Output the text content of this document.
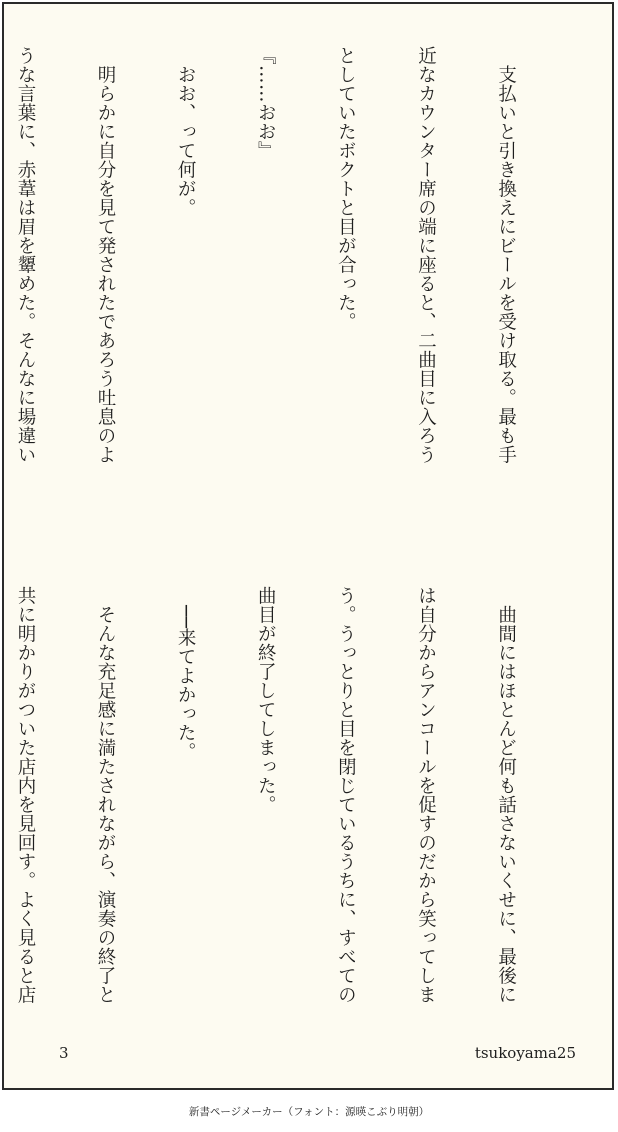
　支払いと引き換えにビールを受け取る。最も手

近なカウンター席の端に座ると、二曲目に入ろう

としていたボクトと目が合った。

『……おお』

　おお、って何が。

　明らかに自分を見て発されたであろう吐息のよ

うな言葉に、赤葦は眉を顰めた。そんなに場違い

　曲間にはほとんど何も話さないくせに、最後に

は自分からアンコールを促すのだから笑ってしま

う。うっとりと目を閉じているうちに、すべての

曲目が終了してしまった。

　──来てよかった。

　そんな充足感に満たされながら、演奏の終了と

共に明かりがついた店内を見回す。よく見ると店

3	tsukoyama25
新書ページメーカー（フォント：源暎こぶり明朝）
